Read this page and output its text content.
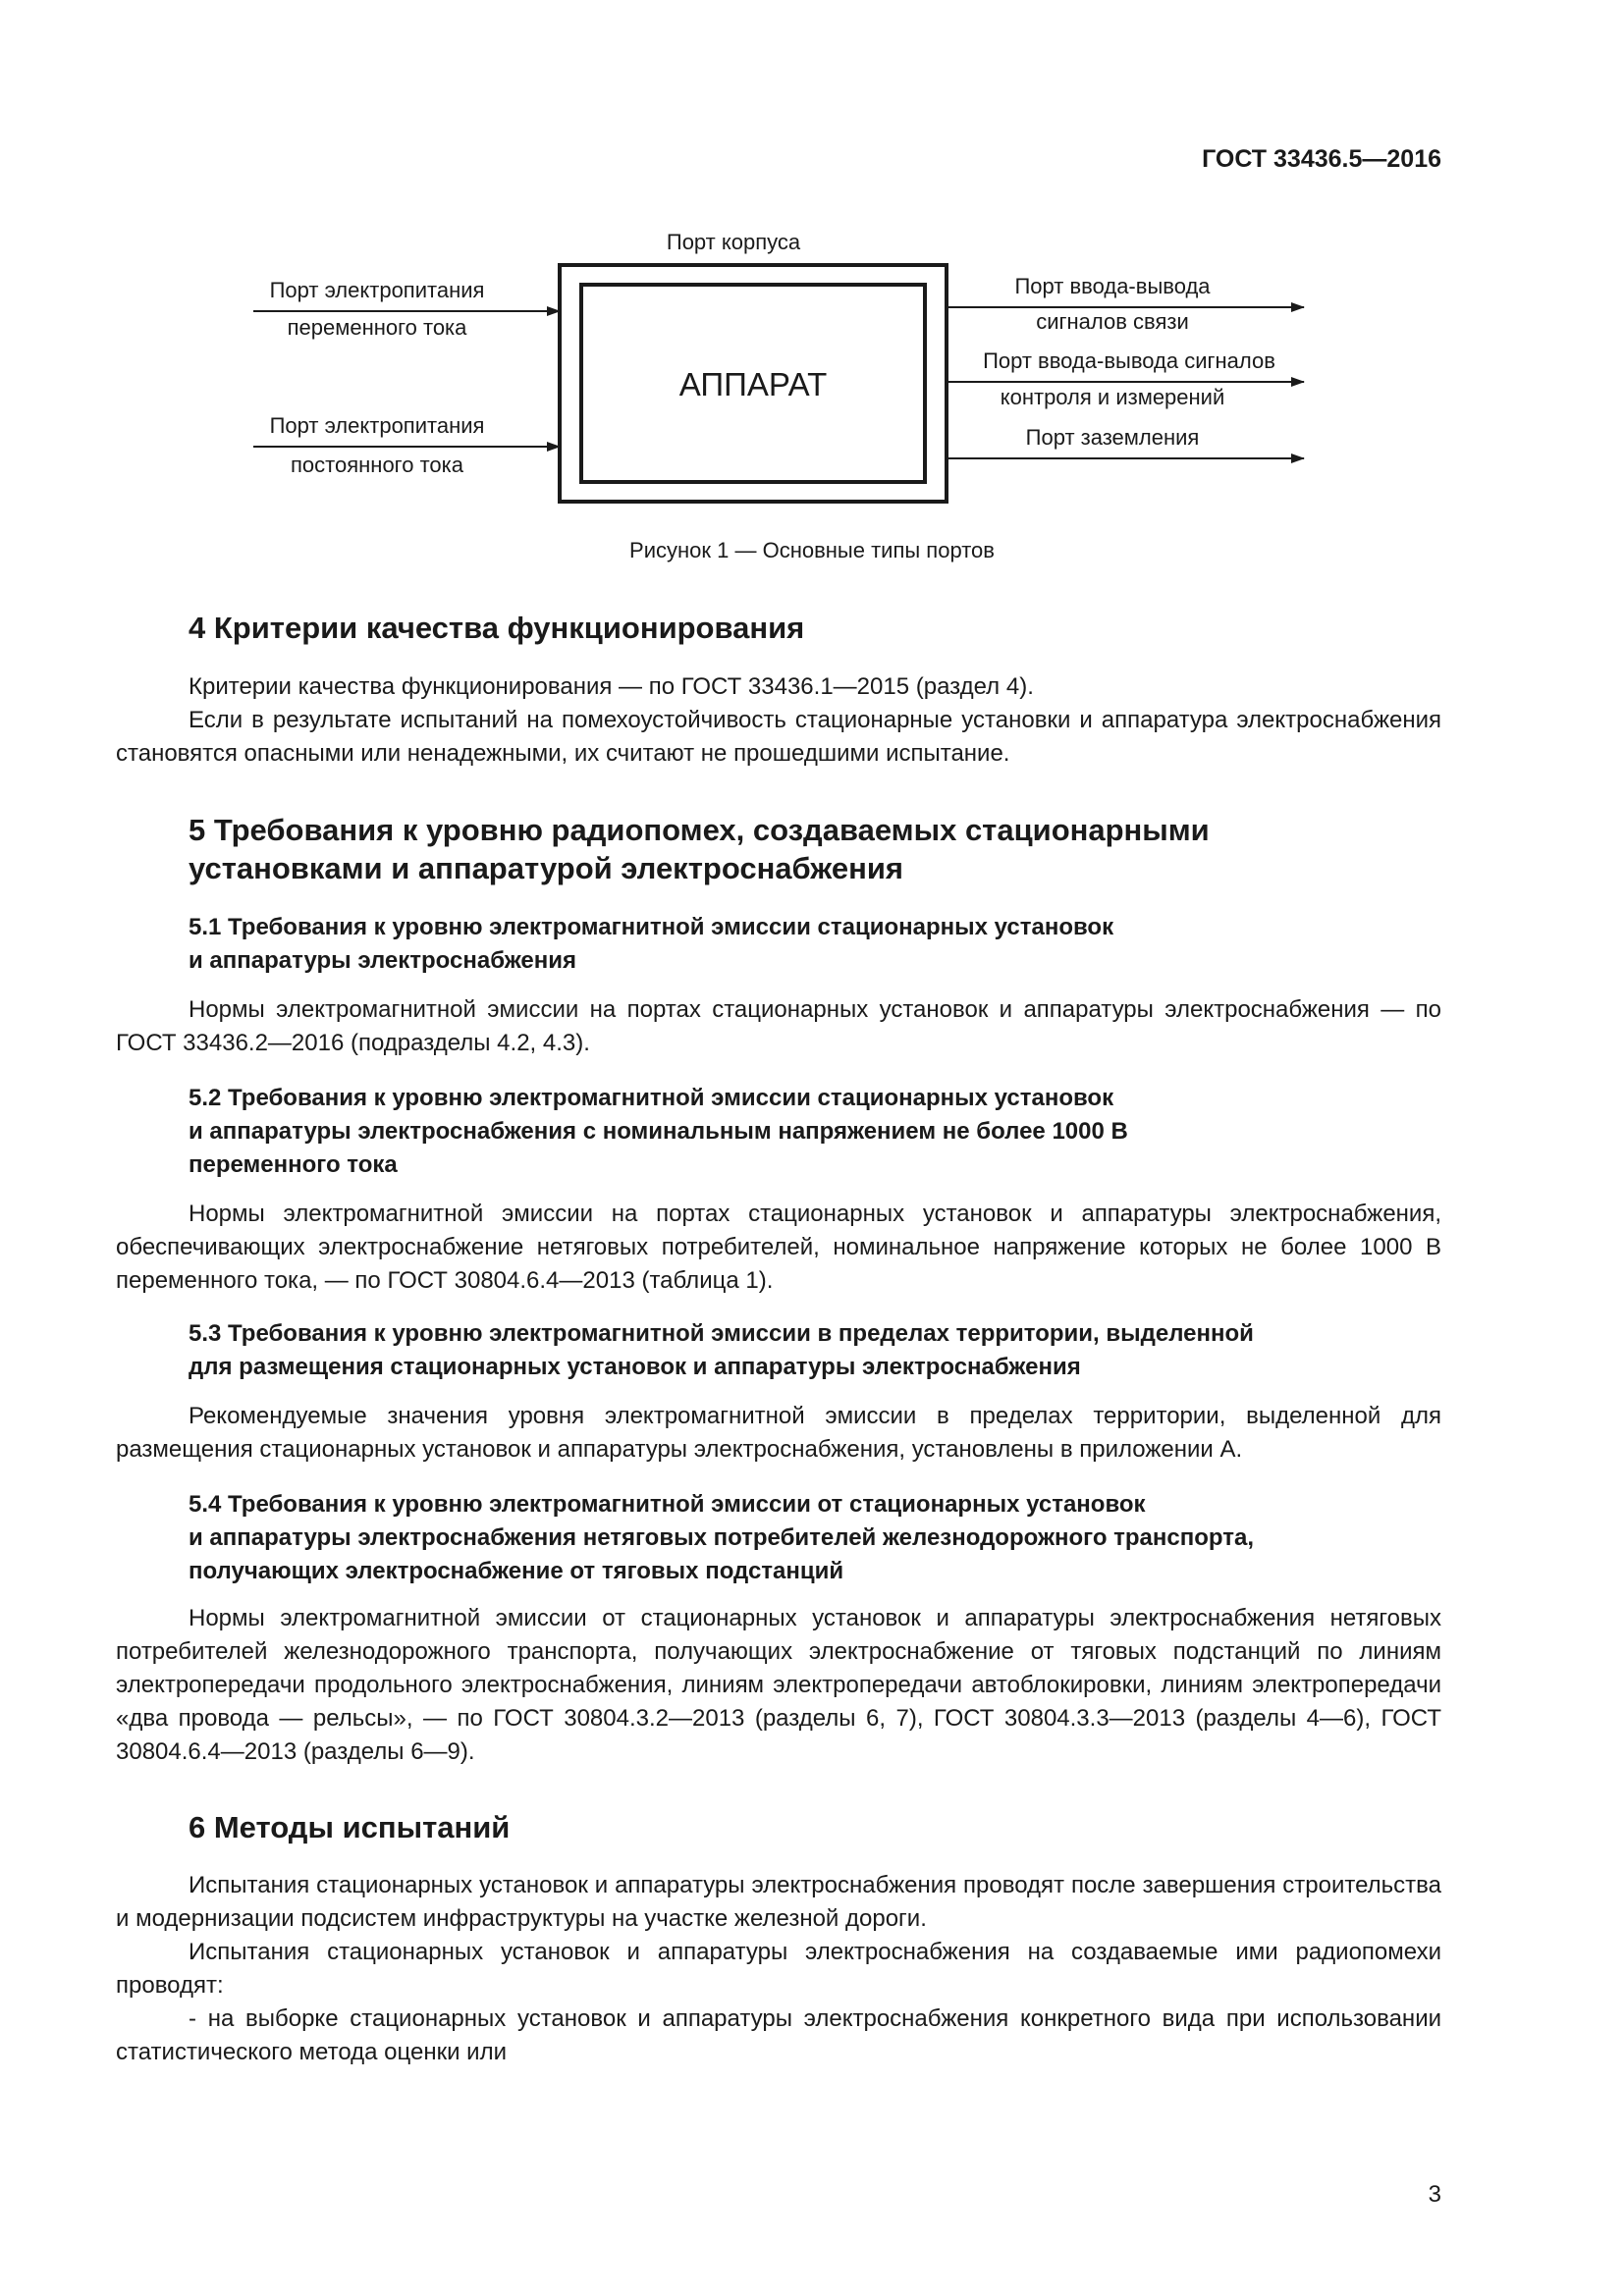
ГОСТ 33436.5—2016
АППАРАТ
Порт корпуса
Порт электропитания
переменного тока
Порт электропитания
постоянного тока
Порт ввода-вывода
сигналов связи
Порт ввода-вывода сигналов
контроля и измерений
Порт заземления
Рисунок 1 — Основные типы портов

4 Критерии качества функционирования

Критерии качества функционирования — по ГОСТ 33436.1—2015 (раздел 4).

Если в результате испытаний на помехоустойчивость стационарные установки и аппаратура электроснабжения становятся опасными или ненадежными, их считают не прошедшими испытание.

5 Требования к уровню радиопомех, создаваемых стационарными

установками и аппаратурой электроснабжения

5.1 Требования к уровню электромагнитной эмиссии стационарных установок

и аппаратуры электроснабжения

Нормы электромагнитной эмиссии на портах стационарных установок и аппаратуры электроснабжения — по ГОСТ 33436.2—2016 (подразделы 4.2, 4.3).

5.2 Требования к уровню электромагнитной эмиссии стационарных установок

и аппаратуры электроснабжения с номинальным напряжением не более 1000 В

переменного тока

Нормы электромагнитной эмиссии на портах стационарных установок и аппаратуры электроснабжения, обеспечивающих электроснабжение нетяговых потребителей, номинальное напряжение которых не более 1000 В переменного тока, — по ГОСТ 30804.6.4—2013 (таблица 1).

5.3 Требования к уровню электромагнитной эмиссии в пределах территории, выделенной

для размещения стационарных установок и аппаратуры электроснабжения

Рекомендуемые значения уровня электромагнитной эмиссии в пределах территории, выделенной для размещения стационарных установок и аппаратуры электроснабжения, установлены в приложении А.

5.4 Требования к уровню электромагнитной эмиссии от стационарных установок

и аппаратуры электроснабжения нетяговых потребителей железнодорожного транспорта,

получающих электроснабжение от тяговых подстанций

Нормы электромагнитной эмиссии от стационарных установок и аппаратуры электроснабжения нетяговых потребителей железнодорожного транспорта, получающих электроснабжение от тяговых подстанций по линиям электропередачи продольного электроснабжения, линиям электропередачи автоблокировки, линиям электропередачи «два провода — рельсы», — по ГОСТ 30804.3.2—2013 (разделы 6, 7), ГОСТ 30804.3.3—2013 (разделы 4—6), ГОСТ 30804.6.4—2013 (разделы 6—9).

6 Методы испытаний

Испытания стационарных установок и аппаратуры электроснабжения проводят после завершения строительства и модернизации подсистем инфраструктуры на участке железной дороги.

Испытания стационарных установок и аппаратуры электроснабжения на создаваемые ими радиопомехи проводят:

- на выборке стационарных установок и аппаратуры электроснабжения конкретного вида при использовании статистического метода оценки или

3
